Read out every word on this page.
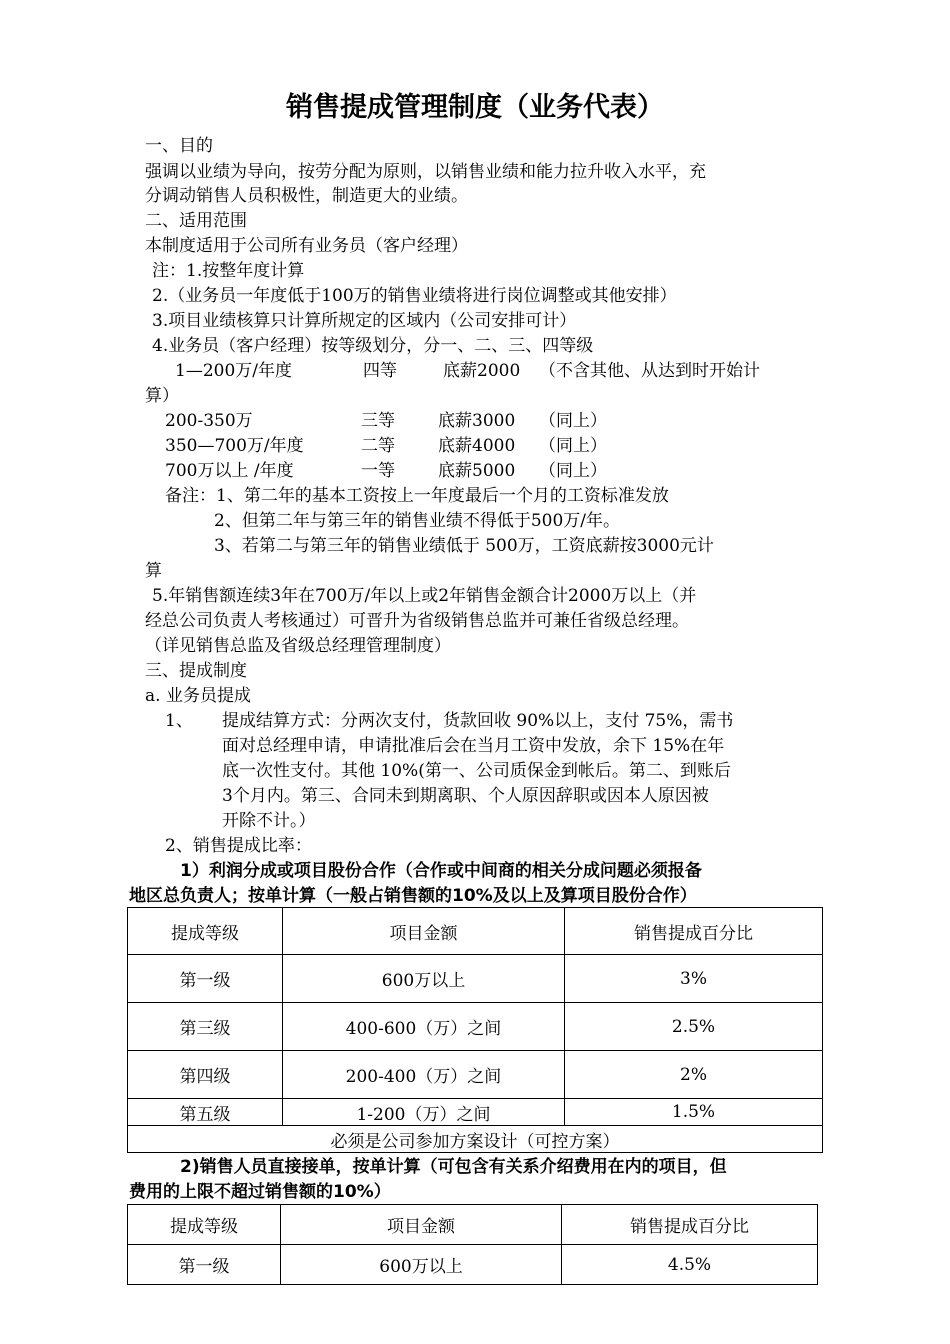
销售提成管理制度（业务代表）
一、目的
强调以业绩为导向，按劳分配为原则，以销售业绩和能力拉升收入水平，充
分调动销售人员积极性，制造更大的业绩。
二、适用范围
本制度适用于公司所有业务员（客户经理）
注：1.按整年度计算
2.（业务员一年度低于100万的销售业绩将进行岗位调整或其他安排）
3.项目业绩核算只计算所规定的区域内（公司安排可计）
4.业务员（客户经理）按等级划分，分一、二、三、四等级
1—200万/年度	四等	底薪2000 （不含其他、从达到时开始计
算）
200-350万	三等	底薪3000 （同上）
350—700万/年度	二等	底薪4000 （同上）
700万以上 /年度	一等	底薪5000 （同上）
备注：1、第二年的基本工资按上一年度最后一个月的工资标准发放
2、但第二年与第三年的销售业绩不得低于500万/年。
3、若第二与第三年的销售业绩低于 500万，工资底薪按3000元计
算
5.年销售额连续3年在700万/年以上或2年销售金额合计2000万以上（并
经总公司负责人考核通过）可晋升为省级销售总监并可兼任省级总经理。
（详见销售总监及省级总经理管理制度）
三、提成制度
a. 业务员提成
1、 提成结算方式：分两次支付，货款回收 90%以上，支付 75%，需书
面对总经理申请，申请批准后会在当月工资中发放，余下 15%在年
底一次性支付。其他 10%(第一、公司质保金到帐后。第二、到账后
3个月内。第三、合同未到期离职、个人原因辞职或因本人原因被
开除不计。）
2、销售提成比率：
1）利润分成或项目股份合作（合作或中间商的相关分成问题必须报备
地区总负责人；按单计算（一般占销售额的10%及以上及算项目股份合作）
提成等级	项目金额	销售提成百分比
第一级	600万以上	3%
第三级	400-600（万）之间	2.5%
第四级	200-400（万）之间	2%
第五级	1-200（万）之间	1.5%
必须是公司参加方案设计（可控方案）		
2)销售人员直接接单，按单计算（可包含有关系介绍费用在内的项目，但
费用的上限不超过销售额的10%）
提成等级	项目金额	销售提成百分比
第一级	600万以上	4.5%
